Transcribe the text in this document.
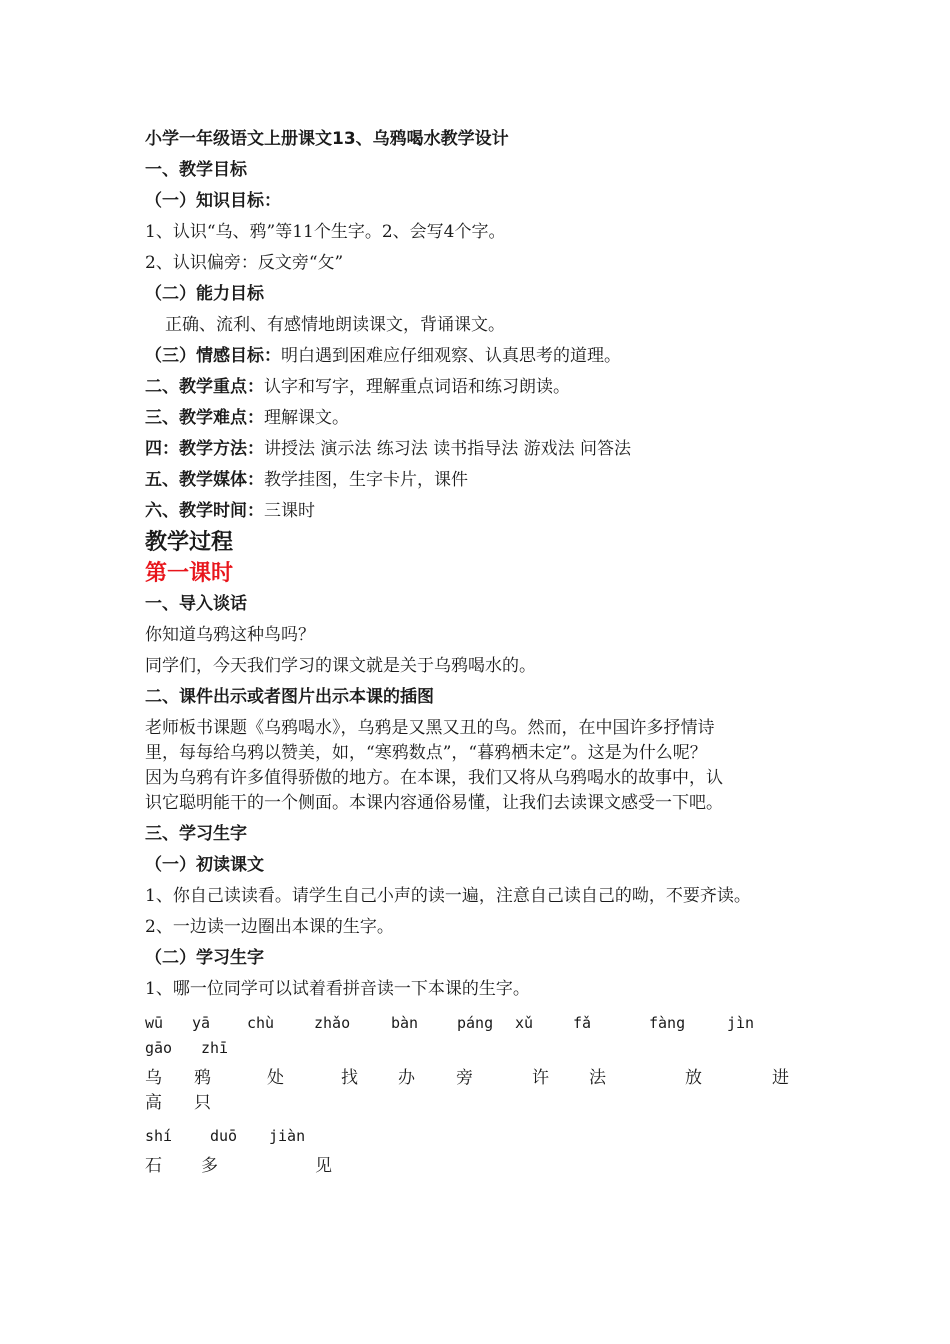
小学一年级语文上册课文13、乌鸦喝水教学设计
一、教学目标
（一）知识目标：
1、认识“乌、鸦”等11个生字。2、会写4个字。
2、认识偏旁：反文旁“攵”
（二）能力目标
正确、流利、有感情地朗读课文，背诵课文。
（三）情感目标：明白遇到困难应仔细观察、认真思考的道理。
二、教学重点：认字和写字，理解重点词语和练习朗读。
三、教学难点：理解课文。
四：教学方法：讲授法 演示法 练习法 读书指导法 游戏法 问答法
五、教学媒体：教学挂图，生字卡片，课件
六、教学时间：三课时
教学过程
第一课时
一、导入谈话
你知道乌鸦这种鸟吗？
同学们，今天我们学习的课文就是关于乌鸦喝水的。
二、课件出示或者图片出示本课的插图
老师板书课题《乌鸦喝水》，乌鸦是又黑又丑的鸟。然而，在中国许多抒情诗
里，每每给乌鸦以赞美，如，“寒鸦数点”，“暮鸦栖未定”。这是为什么呢？
因为乌鸦有许多值得骄傲的地方。在本课，我们又将从乌鸦喝水的故事中，认
识它聪明能干的一个侧面。本课内容通俗易懂，让我们去读课文感受一下吧。
三、学习生字
（一）初读课文
1、你自己读读看。请学生自己小声的读一遍，注意自己读自己的呦，不要齐读。
2、一边读一边圈出本课的生字。
（二）学习生字
1、哪一位同学可以试着看拼音读一下本课的生字。
wū yā chù	zhǎo	bàn	páng xǔ	fǎ	fàng	jìn
gāo zhī
乌 鸦	处	找 办 旁	许 法	放	进
高 只
shí	duō jiàn
石 多	见
